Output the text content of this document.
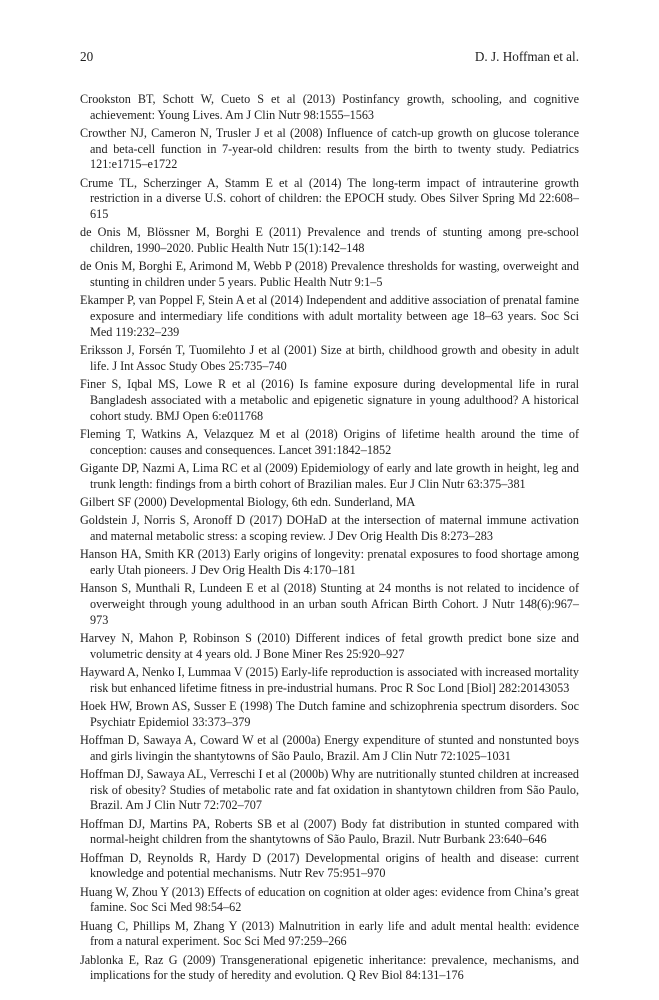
20	D. J. Hoffman et al.
Crookston BT, Schott W, Cueto S et al (2013) Postinfancy growth, schooling, and cognitive achievement: Young Lives. Am J Clin Nutr 98:1555–1563
Crowther NJ, Cameron N, Trusler J et al (2008) Influence of catch-up growth on glucose tolerance and beta-cell function in 7-year-old children: results from the birth to twenty study. Pediatrics 121:e1715–e1722
Crume TL, Scherzinger A, Stamm E et al (2014) The long-term impact of intrauterine growth restriction in a diverse U.S. cohort of children: the EPOCH study. Obes Silver Spring Md 22:608–615
de Onis M, Blössner M, Borghi E (2011) Prevalence and trends of stunting among pre-school children, 1990–2020. Public Health Nutr 15(1):142–148
de Onis M, Borghi E, Arimond M, Webb P (2018) Prevalence thresholds for wasting, overweight and stunting in children under 5 years. Public Health Nutr 9:1–5
Ekamper P, van Poppel F, Stein A et al (2014) Independent and additive association of prenatal famine exposure and intermediary life conditions with adult mortality between age 18–63 years. Soc Sci Med 119:232–239
Eriksson J, Forsén T, Tuomilehto J et al (2001) Size at birth, childhood growth and obesity in adult life. J Int Assoc Study Obes 25:735–740
Finer S, Iqbal MS, Lowe R et al (2016) Is famine exposure during developmental life in rural Bangladesh associated with a metabolic and epigenetic signature in young adulthood? A historical cohort study. BMJ Open 6:e011768
Fleming T, Watkins A, Velazquez M et al (2018) Origins of lifetime health around the time of conception: causes and consequences. Lancet 391:1842–1852
Gigante DP, Nazmi A, Lima RC et al (2009) Epidemiology of early and late growth in height, leg and trunk length: findings from a birth cohort of Brazilian males. Eur J Clin Nutr 63:375–381
Gilbert SF (2000) Developmental Biology, 6th edn. Sunderland, MA
Goldstein J, Norris S, Aronoff D (2017) DOHaD at the intersection of maternal immune activation and maternal metabolic stress: a scoping review. J Dev Orig Health Dis 8:273–283
Hanson HA, Smith KR (2013) Early origins of longevity: prenatal exposures to food shortage among early Utah pioneers. J Dev Orig Health Dis 4:170–181
Hanson S, Munthali R, Lundeen E et al (2018) Stunting at 24 months is not related to incidence of overweight through young adulthood in an urban south African Birth Cohort. J Nutr 148(6):967–973
Harvey N, Mahon P, Robinson S (2010) Different indices of fetal growth predict bone size and volumetric density at 4 years old. J Bone Miner Res 25:920–927
Hayward A, Nenko I, Lummaa V (2015) Early-life reproduction is associated with increased mortality risk but enhanced lifetime fitness in pre-industrial humans. Proc R Soc Lond [Biol] 282:20143053
Hoek HW, Brown AS, Susser E (1998) The Dutch famine and schizophrenia spectrum disorders. Soc Psychiatr Epidemiol 33:373–379
Hoffman D, Sawaya A, Coward W et al (2000a) Energy expenditure of stunted and nonstunted boys and girls livingin the shantytowns of São Paulo, Brazil. Am J Clin Nutr 72:1025–1031
Hoffman DJ, Sawaya AL, Verreschi I et al (2000b) Why are nutritionally stunted children at increased risk of obesity? Studies of metabolic rate and fat oxidation in shantytown children from São Paulo, Brazil. Am J Clin Nutr 72:702–707
Hoffman DJ, Martins PA, Roberts SB et al (2007) Body fat distribution in stunted compared with normal-height children from the shantytowns of São Paulo, Brazil. Nutr Burbank 23:640–646
Hoffman D, Reynolds R, Hardy D (2017) Developmental origins of health and disease: current knowledge and potential mechanisms. Nutr Rev 75:951–970
Huang W, Zhou Y (2013) Effects of education on cognition at older ages: evidence from China’s great famine. Soc Sci Med 98:54–62
Huang C, Phillips M, Zhang Y (2013) Malnutrition in early life and adult mental health: evidence from a natural experiment. Soc Sci Med 97:259–266
Jablonka E, Raz G (2009) Transgenerational epigenetic inheritance: prevalence, mechanisms, and implications for the study of heredity and evolution. Q Rev Biol 84:131–176
